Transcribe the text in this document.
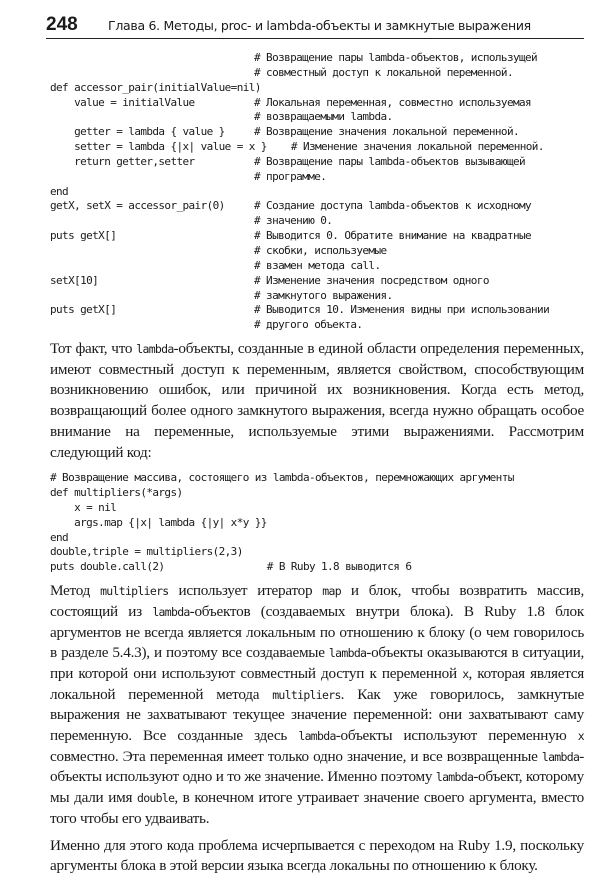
248 Глава 6. Методы, proc- и lambda-объекты и замкнутые выражения
# Возвращение пары lambda-объектов, использущей
# совместный доступ к локальной переменной.
def accessor_pair(initialValue=nil)
value = initialValue	# Локальная переменная, совместно используемая
# возвращаемыми lambda.
getter = lambda { value }	# Возвращение значения локальной переменной.
setter = lambda {|x| value = x }    # Изменение значения локальной переменной.
return getter,setter	# Возвращение пары lambda-объектов вызывающей
# программе.
end
getX, setX = accessor_pair(0)	# Создание доступа lambda-объектов к исходному
# значению 0.
puts getX[]	# Выводится 0. Обратите внимание на квадратные
# скобки, используемые
# взамен метода call.
setX[10]	# Изменение значения посредством одного
# замкнутого выражения.
puts getX[]	# Выводится 10. Изменения видны при использовании
# другого объекта.

Тот факт, что lambda-объекты, созданные в единой области определения переменных, имеют совместный доступ к переменным, является свойством, способствующим возникновению ошибок, или причиной их возникновения. Когда есть метод, возвращающий более одного замкнутого выражения, всегда нужно обращать особое внимание на переменные, используемые этими выражениями. Рассмотрим следующий код:

# Возвращение массива, состоящего из lambda-объектов, перемножающих аргументы
def multipliers(*args)
x = nil
args.map {|x| lambda {|y| x*y }}
end
double,triple = multipliers(2,3)
puts double.call(2)                 # В Ruby 1.8 выводится 6

Метод multipliers использует итератор map и блок, чтобы возвратить массив, состоящий из lambda-объектов (создаваемых внутри блока). В Ruby 1.8 блок аргументов не всегда является локальным по отношению к блоку (о чем говорилось в разделе 5.4.3), и поэтому все создаваемые lambda-объекты оказываются в ситуации, при которой они используют совместный доступ к переменной x, которая является локальной переменной метода multipliers. Как уже говорилось, замкнутые выражения не захватывают текущее значение переменной: они захватывают саму переменную. Все созданные здесь lambda-объекты используют переменную x совместно. Эта переменная имеет только одно значение, и все возвращенные lambda-объекты используют одно и то же значение. Именно поэтому lambda-объект, которому мы дали имя double, в конечном итоге утраивает значение своего аргумента, вместо того чтобы его удваивать.

Именно для этого кода проблема исчерпывается с переходом на Ruby 1.9, поскольку аргументы блока в этой версии языка всегда локальны по отношению к блоку.
